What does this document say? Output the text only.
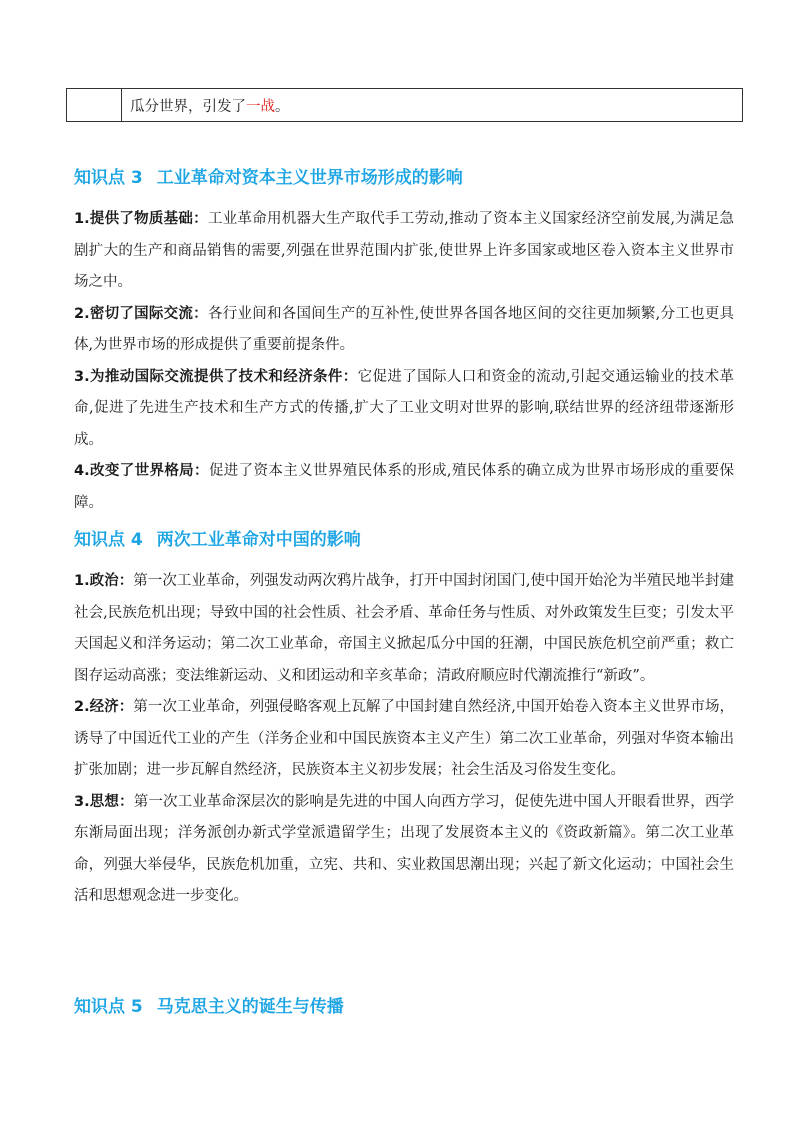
瓜分世界，引发了 一战 。
知识点 3 工业革命对资本主义世界市场形成的影响

1.提供了物质基础：工业革命用机器大生产取代手工劳动,推动了资本主义国家经济空前发展,为满足急剧扩大的生产和商品销售的需要,列强在世界范围内扩张,使世界上许多国家或地区卷入资本主义世界市场之中。

2.密切了国际交流：各行业间和各国间生产的互补性,使世界各国各地区间的交往更加频繁,分工也更具体,为世界市场的形成提供了重要前提条件。

3.为推动国际交流提供了技术和经济条件：它促进了国际人口和资金的流动,引起交通运输业的技术革命,促进了先进生产技术和生产方式的传播,扩大了工业文明对世界的影响,联结世界的经济纽带逐渐形成。

4.改变了世界格局：促进了资本主义世界殖民体系的形成,殖民体系的确立成为世界市场形成的重要保障。

知识点 4 两次工业革命对中国的影响

1.政治：第一次工业革命，列强发动两次鸦片战争，打开中国封闭国门,使中国开始沦为半殖民地半封建社会,民族危机出现；导致中国的社会性质、社会矛盾、革命任务与性质、对外政策发生巨变；引发太平天国起义和洋务运动；第二次工业革命，帝国主义掀起瓜分中国的狂潮，中国民族危机空前严重；救亡图存运动高涨；变法维新运动、义和团运动和辛亥革命；清政府顺应时代潮流推行“新政”。

2.经济：第一次工业革命，列强侵略客观上瓦解了中国封建自然经济,中国开始卷入资本主义世界市场，诱导了中国近代工业的产生（洋务企业和中国民族资本主义产生）第二次工业革命，列强对华资本输出扩张加剧；进一步瓦解自然经济，民族资本主义初步发展；社会生活及习俗发生变化。

3.思想：第一次工业革命深层次的影响是先进的中国人向西方学习，促使先进中国人开眼看世界，西学东渐局面出现；洋务派创办新式学堂派遣留学生；出现了发展资本主义的《资政新篇》。第二次工业革命，列强大举侵华，民族危机加重，立宪、共和、实业救国思潮出现；兴起了新文化运动；中国社会生活和思想观念进一步变化。

知识点 5 马克思主义的诞生与传播
